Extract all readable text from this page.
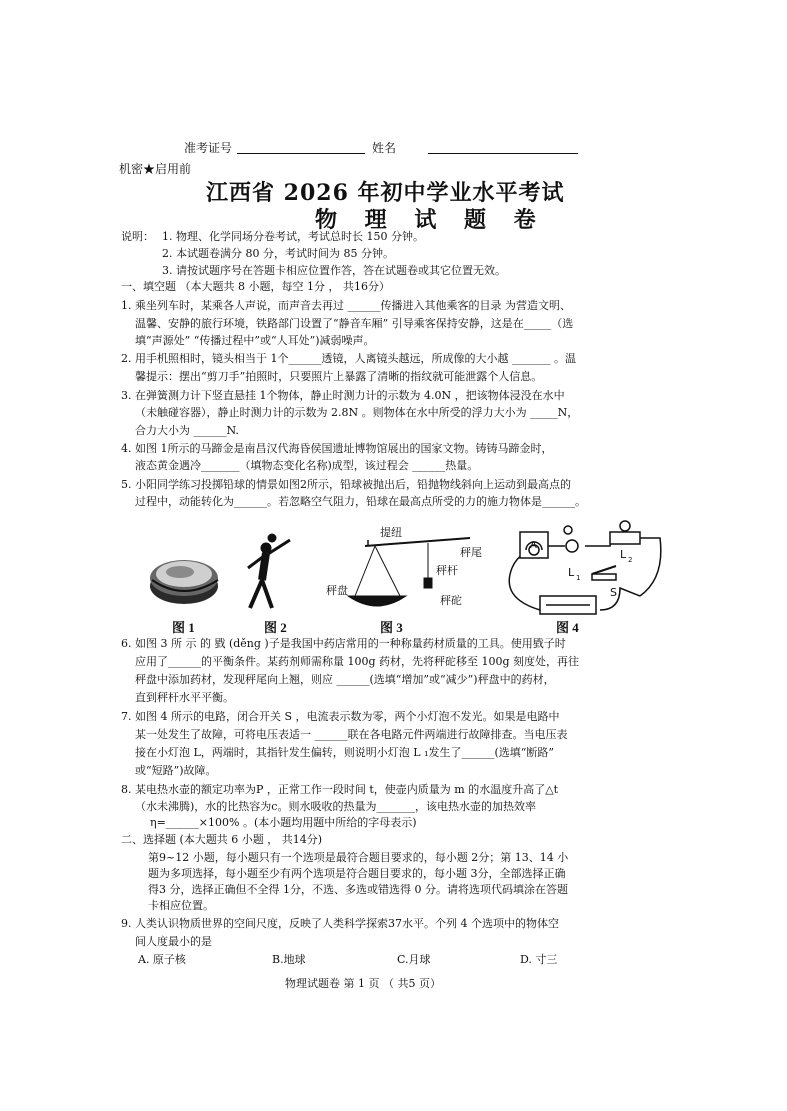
准考证号	姓名
机密★启用前
江西省 2026 年初中学业水平考试
物 理 试 题 卷
说明： 1. 物理、化学同场分卷考试，考试总时长 150 分钟。
2. 本试题卷满分 80 分，考试时间为 85 分钟。
3. 请按试题序号在答题卡相应位置作答，答在试题卷或其它位置无效。
一、填空题 （本大题共 8 小题，每空 1分 ， 共16分）
1. 乘坐列车时，某乘各人声说，而声音去再过 ______传播进入其他乘客的目录 为营造文明、
温馨、安静的旅行环境，铁路部门设置了“静音车厢” 引导乘客保持安静，这是在_____（选
填“声源处” “传播过程中”或“人耳处”)减弱噪声。
2. 用手机照相时，镜头相当于 1个______透镜，人离镜头越远，所成像的大小越 _______ 。温
馨提示：摆出“剪刀手”拍照时，只要照片上暴露了清晰的指纹就可能泄露个人信息。
3. 在弹簧测力计下竖直悬挂 1个物体，静止时测力计的示数为 4.0N ，把该物体浸没在水中
（未触碰容器），静止时测力计的示数为 2.8N 。则物体在水中所受的浮力大小为 _____N，
合力大小为 ______N.
4. 如图 1所示的马蹄金是南昌汉代海昏侯国遗址博物馆展出的国家文物。铸铸马蹄金时，
液态黄金遇冷_______（填物态变化名称)成型，该过程会 ______热量。
5. 小阳同学练习投掷铅球的情景如图2所示，铅球被抛出后，铅抛物线斜向上运动到最高点的
过程中，动能转化为______。若忽略空气阻力，铅球在最高点所受的力的施力物体是______。
提纽
秤尾
秤杆
秤盘
秤砣
A
L 2
L 1
S
图 1	图 2	图 3	图 4
6. 如图 3 所 示 的 戥 (děng )子是我国中药店常用的一种称量药材质量的工具。使用戥子时
应用了______的平衡条件。某药剂师需称量 100g 药材，先将秤砣移至 100g 刻度处，再往
秤盘中添加药材，发现秤尾向上翘，则应 ______(选填“增加”或“减少”)秤盘中的药材，
直到秤杆水平平衡。
7. 如图 4 所示的电路，闭合开关 S ，电流表示数为零，两个小灯泡不发光。如果是电路中
某一处发生了故障，可将电压表适一 ______联在各电路元件两端进行故障排查。当电压表
接在小灯泡 L，两端时，其指针发生偏转，则说明小灯泡 L ₁发生了______(选填“断路”
或“短路”)故障。
8. 某电热水壶的额定功率为P ，正常工作一段时间 t，使壶内质量为 m 的水温度升高了△t
（水未沸腾)，水的比热容为c。则水吸收的热量为_______，该电热水壶的加热效率
η=______×100% 。(本小题均用题中所给的字母表示)
二、选择题 (本大题共 6 小题 ， 共14分)
第9~12 小题，每小题只有一个选项是最符合题目要求的，每小题 2分；第 13、14 小
题为多项选择，每小题至少有两个选项是符合题目要求的，每小题 3分，全部选择正确
得3 分，选择正确但不全得 1分，不选、多选或错选得 0 分。请将选项代码填涂在答题
卡相应位置。
9. 人类认识物质世界的空间尺度，反映了人类科学探索37水平。个列 4 个选项中的物体空
间人度最小的是
A. 原子核	B.地球	C.月球	D. 寸三
物理试题卷 第 1 页 （ 共5 页）
